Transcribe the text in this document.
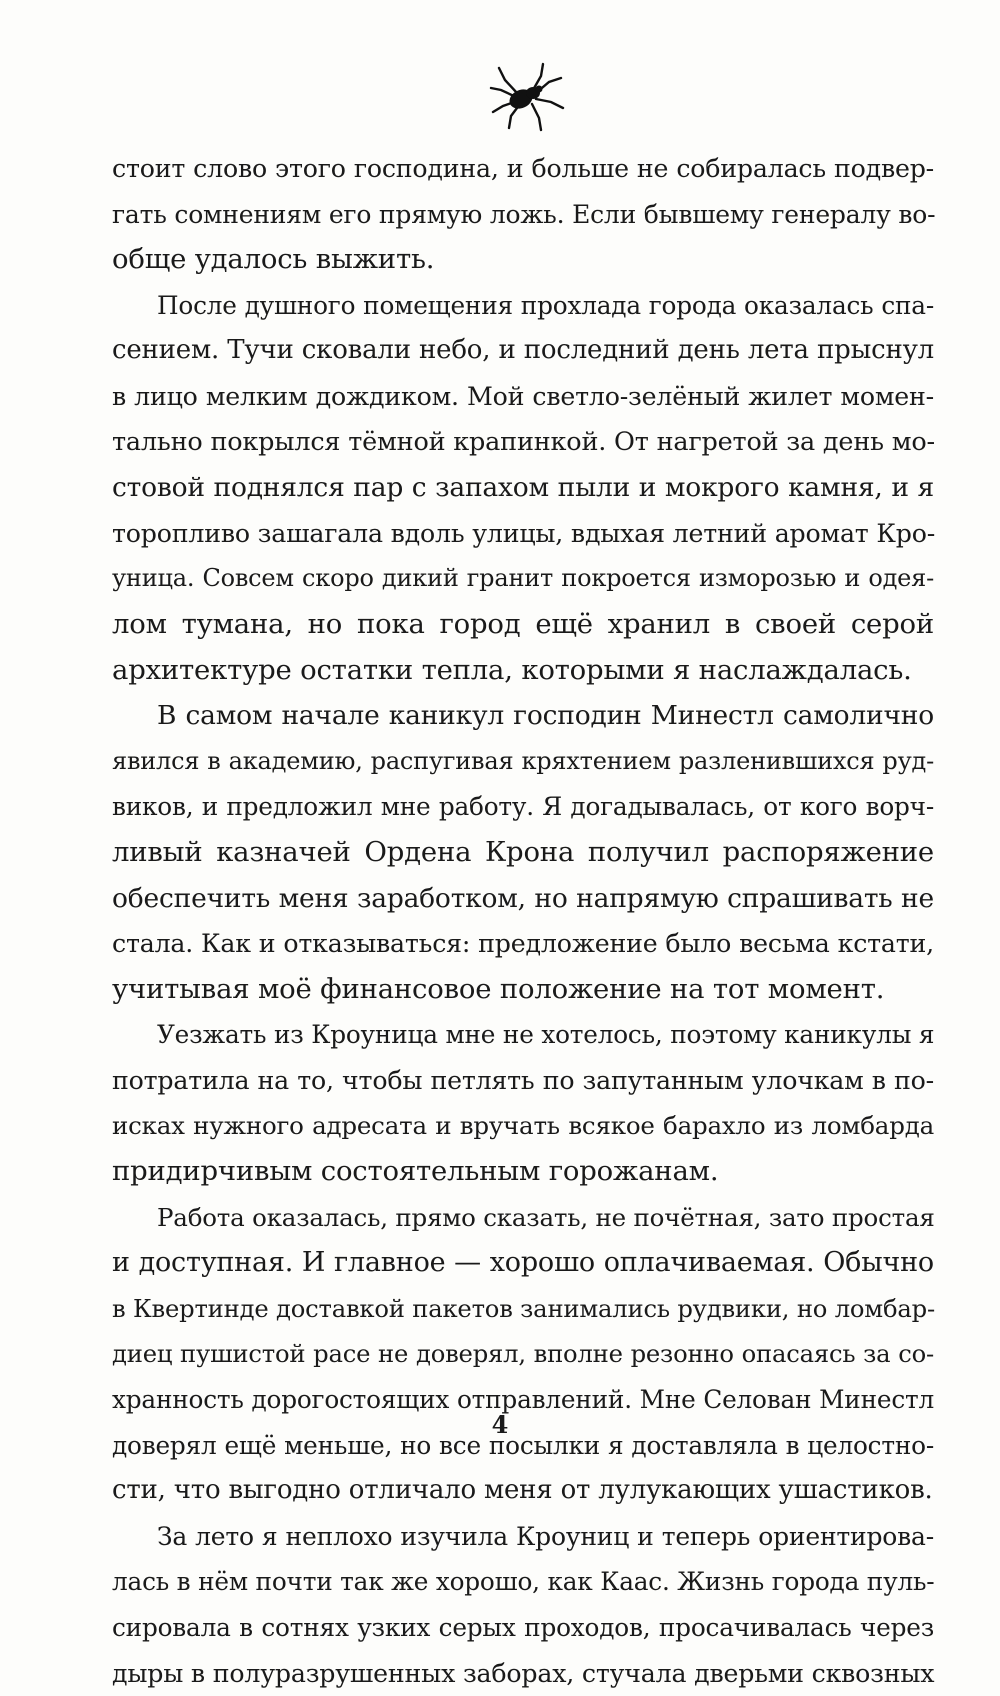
стоит слово этого господина, и больше не собиралась подвер-
гать сомнениям его прямую ложь. Если бывшему генералу во-
обще удалось выжить.
После душного помещения прохлада города оказалась спа-
сением. Тучи сковали небо, и последний день лета прыснул
в лицо мелким дождиком. Мой светло-зелёный жилет момен-
тально покрылся тёмной крапинкой. От нагретой за день мо-
стовой поднялся пар с запахом пыли и мокрого камня, и я
торопливо зашагала вдоль улицы, вдыхая летний аромат Кро-
уница. Совсем скоро дикий гранит покроется изморозью и одея-
лом тумана, но пока город ещё хранил в своей серой
архитектуре остатки тепла, которыми я наслаждалась.
В самом начале каникул господин Минестл самолично
явился в академию, распугивая кряхтением разленившихся руд-
виков, и предложил мне работу. Я догадывалась, от кого ворч-
ливый казначей Ордена Крона получил распоряжение
обеспечить меня заработком, но напрямую спрашивать не
стала. Как и отказываться: предложение было весьма кстати,
учитывая моё финансовое положение на тот момент.
Уезжать из Кроуница мне не хотелось, поэтому каникулы я
потратила на то, чтобы петлять по запутанным улочкам в по-
исках нужного адресата и вручать всякое барахло из ломбарда
придирчивым состоятельным горожанам.
Работа оказалась, прямо сказать, не почётная, зато простая
и доступная. И главное — хорошо оплачиваемая. Обычно
в Квертинде доставкой пакетов занимались рудвики, но ломбар-
диец пушистой расе не доверял, вполне резонно опасаясь за со-
хранность дорогостоящих отправлений. Мне Селован Минестл
доверял ещё меньше, но все посылки я доставляла в целостно-
сти, что выгодно отличало меня от лулукающих ушастиков.
За лето я неплохо изучила Кроуниц и теперь ориентирова-
лась в нём почти так же хорошо, как Каас. Жизнь города пуль-
сировала в сотнях узких серых проходов, просачивалась через
дыры в полуразрушенных заборах, стучала дверьми сквозных
4
